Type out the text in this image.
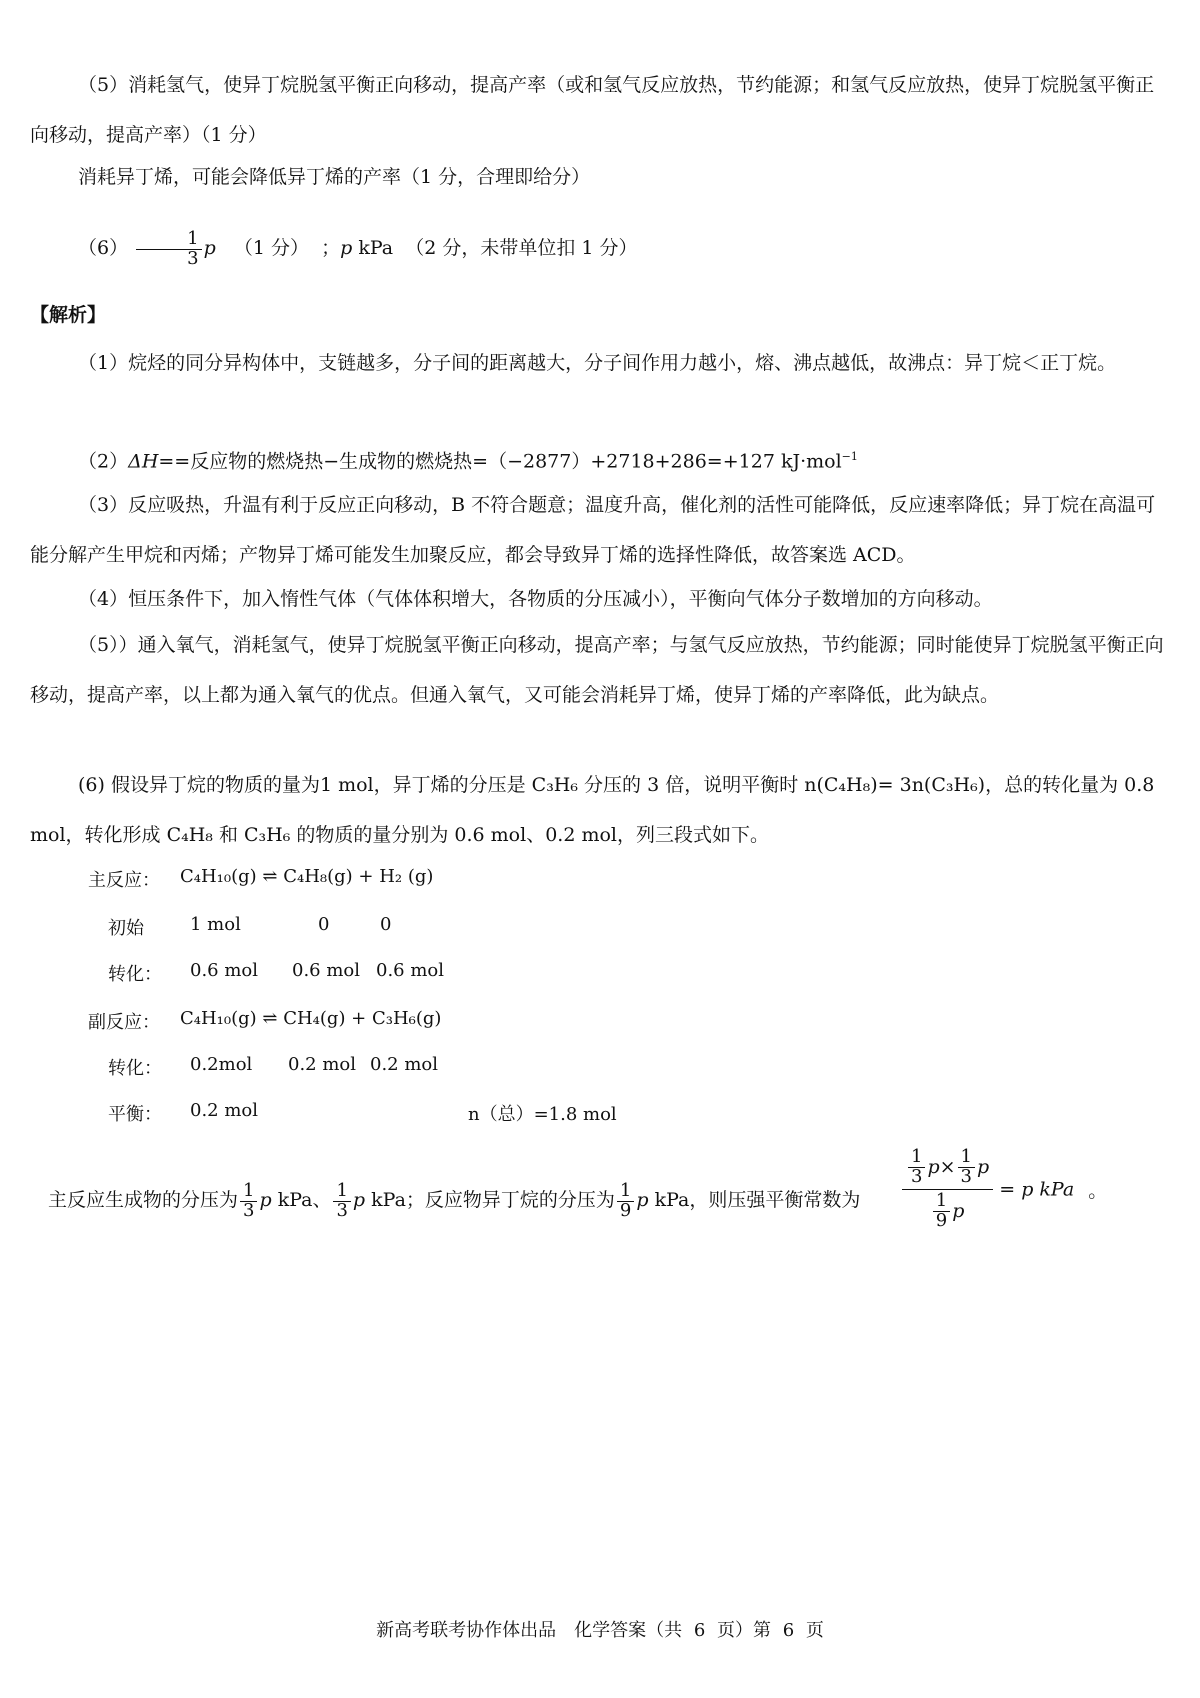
（5）消耗氢气，使异丁烷脱氢平衡正向移动，提高产率（或和氢气反应放热，节约能源；和氢气反应放热，使异丁烷脱氢平衡正向移动，提高产率）（1 分）
消耗异丁烯，可能会降低异丁烯的产率（1 分，合理即给分）
$(6) \frac{1}{3}$ p （1 分） ；p kPa （2 分，未带单位扣 1 分）
【解析】
（1）烷烃的同分异构体中，支链越多，分子间的距离越大，分子间作用力越小，熔、沸点越低，故沸点：异丁烷＜正丁烷。
（2）ΔH==反应物的燃烧热−生成物的燃烧热=（−2877）+2718+286=+127 kJ·mol$^{-1}$
（3）反应吸热，升温有利于反应正向移动，B 不符合题意；温度升高，催化剂的活性可能降低，反应速率降低；异丁烷在高温可能分解产生甲烷和丙烯；产物异丁烯可能发生加聚反应，都会导致异丁烯的选择性降低，故答案选 ACD。
（4）恒压条件下，加入惰性气体（气体体积增大，各物质的分压减小），平衡向气体分子数增加的方向移动。
（5））通入氧气，消耗氢气，使异丁烷脱氢平衡正向移动，提高产率；与氢气反应放热，节约能源；同时能使异丁烷脱氢平衡正向移动，提高产率，以上都为通入氧气的优点。但通入氧气，又可能会消耗异丁烯，使异丁烯的产率降低，此为缺点。
(6) 假设异丁烷的物质的量为1 mol，异丁烯的分压是 C₃H₆ 分压的 3 倍，说明平衡时 n(C₄H₈)= 3n(C₃H₆)，总的转化量为 0.8 mol，转化形成 C₄H₈ 和 C₃H₆ 的物质的量分别为 0.6 mol、0.2 mol，列三段式如下。
主反应： C₄H₁₀(g) ⇌ C₄H₈(g) + H₂ (g)
初始	1 mol	0	0
转化： 0.6 mol 0.6 mol 0.6 mol
副反应： C₄H₁₀(g) ⇌ CH₄(g) + C₃H₆(g)
转化： 0.2mol 0.2 mol 0.2 mol
平衡： 0.2 mol	n（总）=1.8 mol
主反应生成物的分压为 $\frac{1}{3}$ p kPa、 $\frac{1}{3}$ p kPa；反应物异丁烷的分压为 $\frac{1}{9}$ p kPa，则压强平衡常数为	$\frac{\frac{1}{3} p \times \frac{1}{3} p}{\frac{1}{9} p} = p$ kPa 。
新高考联考协作体出品　化学答案（共 6 页）第 6 页
